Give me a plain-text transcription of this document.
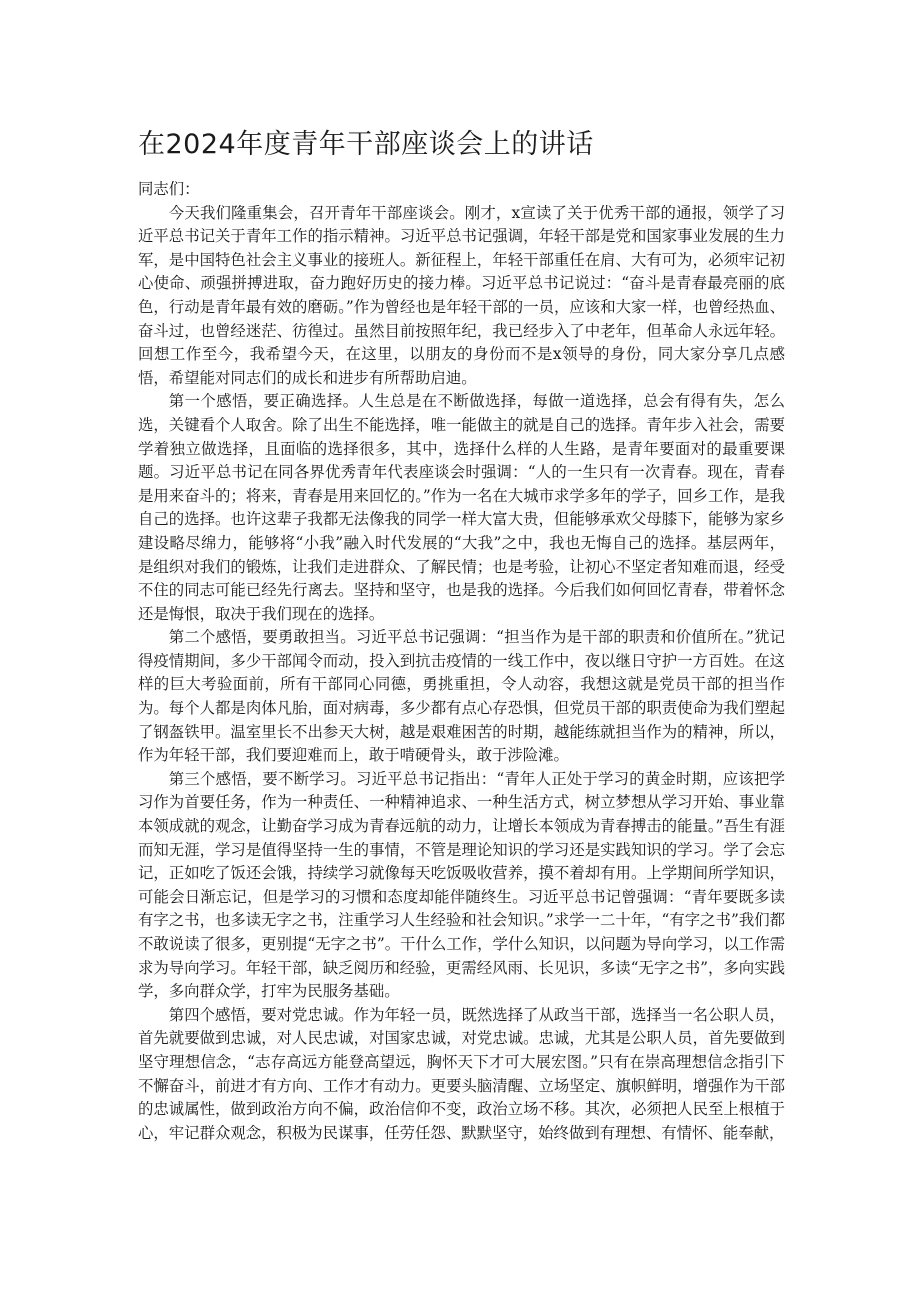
在2024年度青年干部座谈会上的讲话

同志们：

今天我们隆重集会，召开青年干部座谈会。刚才，x宣读了关于优秀干部的通报，领学了习近平总书记关于青年工作的指示精神。习近平总书记强调，年轻干部是党和国家事业发展的生力军，是中国特色社会主义事业的接班人。新征程上，年轻干部重任在肩、大有可为，必须牢记初心使命、顽强拼搏进取，奋力跑好历史的接力棒。习近平总书记说过：“奋斗是青春最亮丽的底色，行动是青年最有效的磨砺。”作为曾经也是年轻干部的一员，应该和大家一样，也曾经热血、奋斗过，也曾经迷茫、彷徨过。虽然目前按照年纪，我已经步入了中老年，但革命人永远年轻。回想工作至今，我希望今天，在这里，以朋友的身份而不是x领导的身份，同大家分享几点感悟，希望能对同志们的成长和进步有所帮助启迪。

第一个感悟，要正确选择。人生总是在不断做选择，每做一道选择，总会有得有失，怎么选，关键看个人取舍。除了出生不能选择，唯一能做主的就是自己的选择。青年步入社会，需要学着独立做选择，且面临的选择很多，其中，选择什么样的人生路，是青年要面对的最重要课题。习近平总书记在同各界优秀青年代表座谈会时强调：“人的一生只有一次青春。现在，青春是用来奋斗的；将来，青春是用来回忆的。”作为一名在大城市求学多年的学子，回乡工作，是我自己的选择。也许这辈子我都无法像我的同学一样大富大贵，但能够承欢父母膝下，能够为家乡建设略尽绵力，能够将“小我”融入时代发展的“大我”之中，我也无悔自己的选择。基层两年，是组织对我们的锻炼，让我们走进群众、了解民情；也是考验，让初心不坚定者知难而退，经受不住的同志可能已经先行离去。坚持和坚守，也是我的选择。今后我们如何回忆青春，带着怀念还是悔恨，取决于我们现在的选择。

第二个感悟，要勇敢担当。习近平总书记强调：“担当作为是干部的职责和价值所在。”犹记得疫情期间，多少干部闻令而动，投入到抗击疫情的一线工作中，夜以继日守护一方百姓。在这样的巨大考验面前，所有干部同心同德，勇挑重担，令人动容，我想这就是党员干部的担当作为。每个人都是肉体凡胎，面对病毒，多少都有点心存恐惧，但党员干部的职责使命为我们塑起了钢盔铁甲。温室里长不出参天大树，越是艰难困苦的时期，越能练就担当作为的精神，所以，作为年轻干部，我们要迎难而上，敢于啃硬骨头，敢于涉险滩。

第三个感悟，要不断学习。习近平总书记指出：“青年人正处于学习的黄金时期，应该把学习作为首要任务，作为一种责任、一种精神追求、一种生活方式，树立梦想从学习开始、事业靠本领成就的观念，让勤奋学习成为青春远航的动力，让增长本领成为青春搏击的能量。”吾生有涯而知无涯，学习是值得坚持一生的事情，不管是理论知识的学习还是实践知识的学习。学了会忘记，正如吃了饭还会饿，持续学习就像每天吃饭吸收营养，摸不着却有用。上学期间所学知识，可能会日渐忘记，但是学习的习惯和态度却能伴随终生。习近平总书记曾强调：“青年要既多读有字之书，也多读无字之书，注重学习人生经验和社会知识。”求学一二十年，“有字之书”我们都不敢说读了很多，更别提“无字之书”。干什么工作，学什么知识，以问题为导向学习，以工作需求为导向学习。年轻干部，缺乏阅历和经验，更需经风雨、长见识，多读“无字之书”，多向实践学，多向群众学，打牢为民服务基础。

第四个感悟，要对党忠诚。作为年轻一员，既然选择了从政当干部，选择当一名公职人员，首先就要做到忠诚，对人民忠诚，对国家忠诚，对党忠诚。忠诚，尤其是公职人员，首先要做到坚守理想信念，“志存高远方能登高望远，胸怀天下才可大展宏图。”只有在崇高理想信念指引下不懈奋斗，前进才有方向、工作才有动力。更要头脑清醒、立场坚定、旗帜鲜明，增强作为干部的忠诚属性，做到政治方向不偏，政治信仰不变，政治立场不移。其次，必须把人民至上根植于心，牢记群众观念，积极为民谋事，任劳任怨、默默坚守，始终做到有理想、有情怀、能奉献，
